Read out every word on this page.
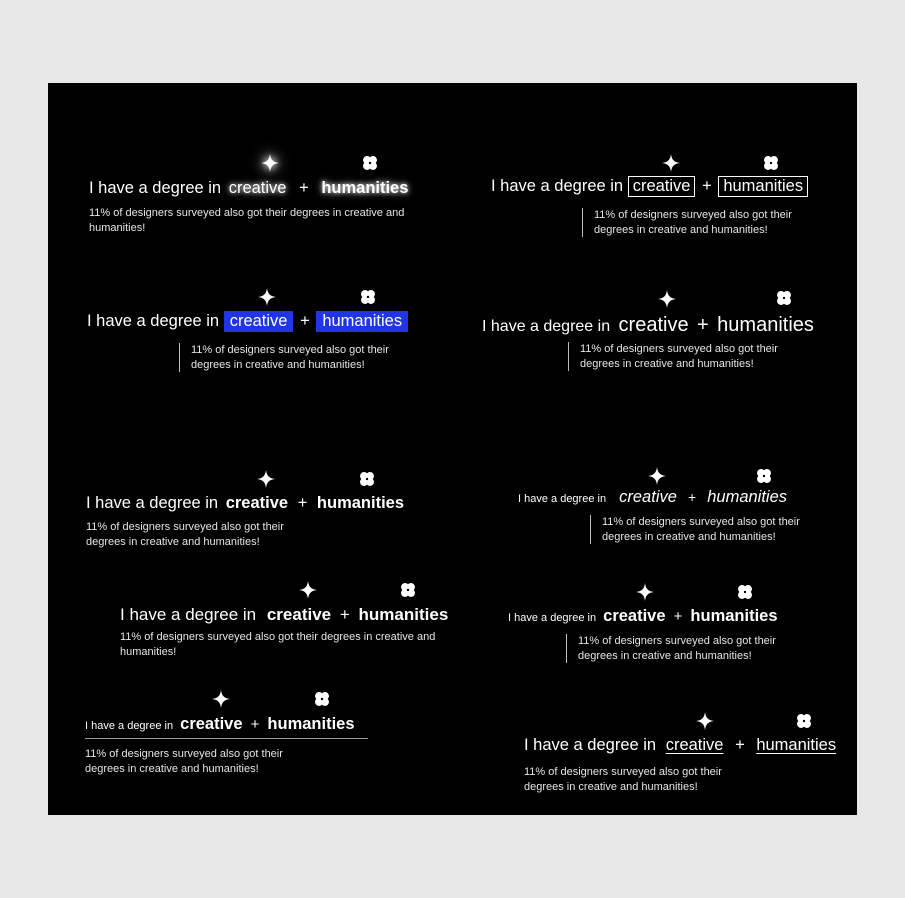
I have a degree in creative + humanities
11% of designers surveyed also got their degrees in creative and humanities!
I have a degree in creative + humanities
11% of designers surveyed also got their degrees in creative and humanities!
I have a degree in creative + humanities
11% of designers surveyed also got their degrees in creative and humanities!
I have a degree in creative + humanities
11% of designers surveyed also got their degrees in creative and humanities!
I have a degree in creative + humanities
11% of designers surveyed also got their degrees in creative and humanities!
I have a degree in creative + humanities
11% of designers surveyed also got their degrees in creative and humanities!
I have a degree in creative + humanities
11% of designers surveyed also got their degrees in creative and humanities!
I have a degree in creative + humanities
11% of designers surveyed also got their degrees in creative and humanities!
I have a degree in creative + humanities
11% of designers surveyed also got their degrees in creative and humanities!
I have a degree in creative + humanities
11% of designers surveyed also got their degrees in creative and humanities!
